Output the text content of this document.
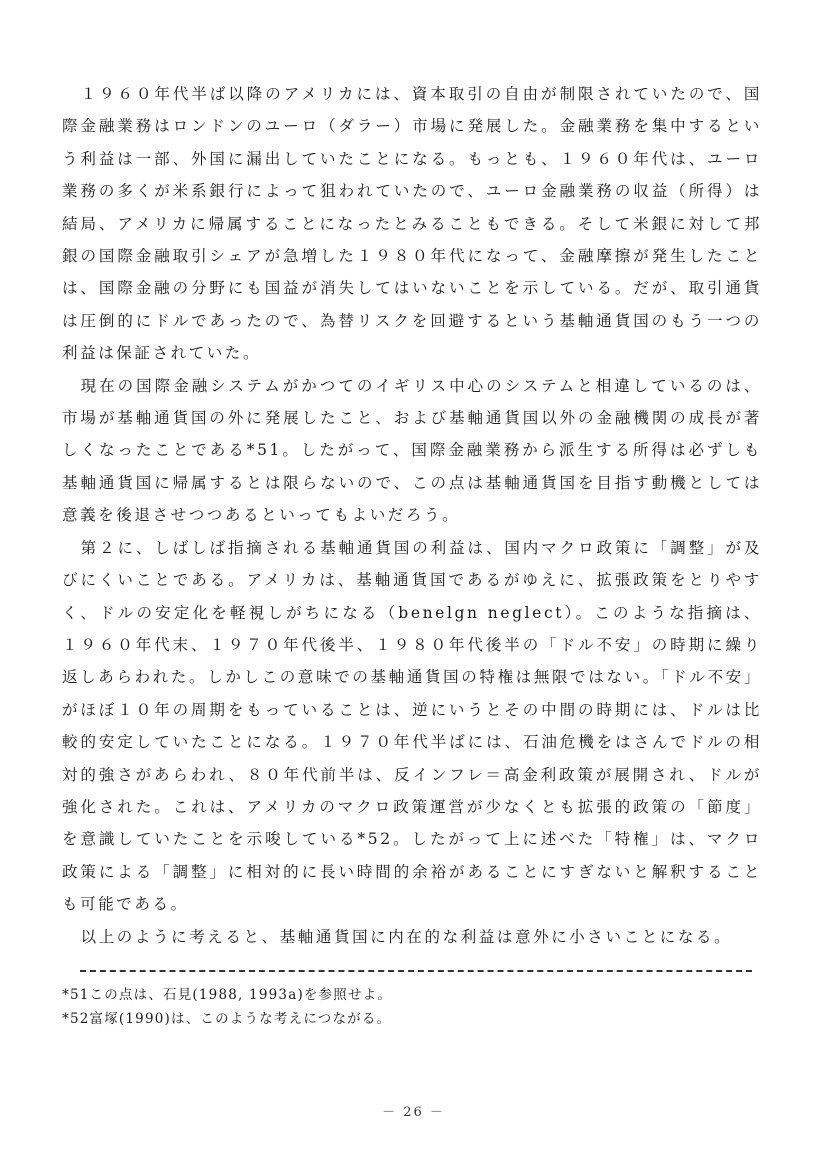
１９６０年代半ば以降のアメリカには、資本取引の自由が制限されていたので、国際金融業務はロンドンのユーロ（ダラー）市場に発展した。金融業務を集中するという利益は一部、外国に漏出していたことになる。もっとも、１９６０年代は、ユーロ業務の多くが米系銀行によって狙われていたので、ユーロ金融業務の収益（所得）は結局、アメリカに帰属することになったとみることもできる。そして米銀に対して邦銀の国際金融取引シェアが急増した１９８０年代になって、金融摩擦が発生したことは、国際金融の分野にも国益が消失してはいないことを示している。だが、取引通貨は圧倒的にドルであったので、為替リスクを回避するという基軸通貨国のもう一つの利益は保証されていた。

現在の国際金融システムがかつてのイギリス中心のシステムと相違しているのは、市場が基軸通貨国の外に発展したこと、および基軸通貨国以外の金融機関の成長が著しくなったことである*51。したがって、国際金融業務から派生する所得は必ずしも基軸通貨国に帰属するとは限らないので、この点は基軸通貨国を目指す動機としては意義を後退させつつあるといってもよいだろう。

第２に、しばしば指摘される基軸通貨国の利益は、国内マクロ政策に「調整」が及びにくいことである。アメリカは、基軸通貨国であるがゆえに、拡張政策をとりやすく、ドルの安定化を軽視しがちになる（benelgn neglect）。このような指摘は、１９６０年代末、１９７０年代後半、１９８０年代後半の「ドル不安」の時期に繰り返しあらわれた。しかしこの意味での基軸通貨国の特権は無限ではない。「ドル不安」がほぼ１０年の周期をもっていることは、逆にいうとその中間の時期には、ドルは比較的安定していたことになる。１９７０年代半ばには、石油危機をはさんでドルの相対的強さがあらわれ、８０年代前半は、反インフレ＝高金利政策が展開され、ドルが強化された。これは、アメリカのマクロ政策運営が少なくとも拡張的政策の「節度」を意識していたことを示唆している*52。したがって上に述べた「特権」は、マクロ政策による「調整」に相対的に長い時間的余裕があることにすぎないと解釈することも可能である。

以上のように考えると、基軸通貨国に内在的な利益は意外に小さいことになる。

*51この点は、石見(1988, 1993a)を参照せよ。

*52富塚(1990)は、このような考えにつながる。

－ 26 －
